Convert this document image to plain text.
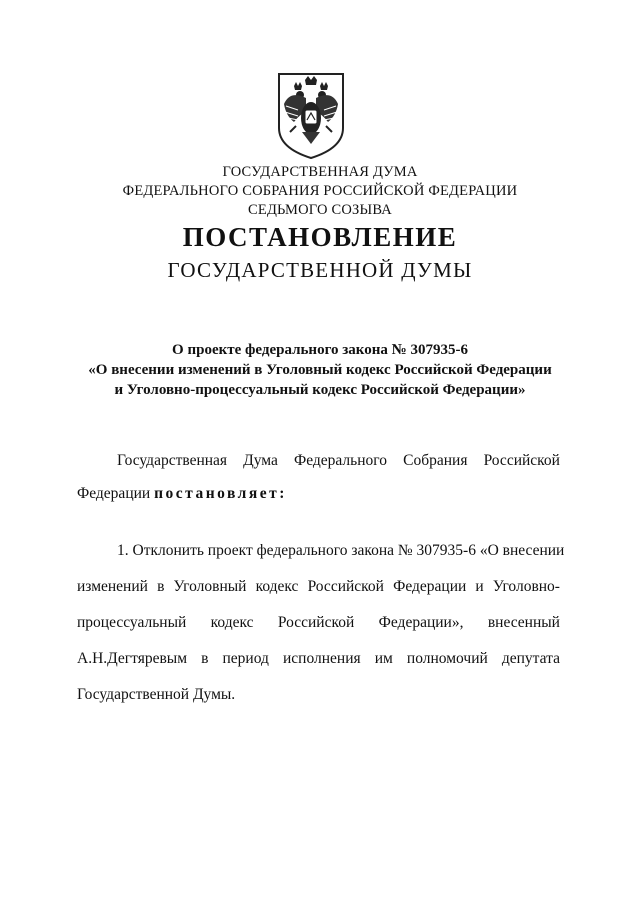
ГОСУДАРСТВЕННАЯ ДУМА
ФЕДЕРАЛЬНОГО СОБРАНИЯ РОССИЙСКОЙ ФЕДЕРАЦИИ
СЕДЬМОГО СОЗЫВА
ПОСТАНОВЛЕНИЕ
ГОСУДАРСТВЕННОЙ ДУМЫ
О проекте федерального закона № 307935-6
«О внесении изменений в Уголовный кодекс Российской Федерации
и Уголовно-процессуальный кодекс Российской Федерации»
Государственная Дума Федерального Собрания Российской
Федерации постановляет:
1. Отклонить проект федерального закона № 307935-6 «О внесении
изменений в Уголовный кодекс Российской Федерации и Уголовно-
процессуальный кодекс Российской Федерации», внесенный
А.Н.Дегтяревым в период исполнения им полномочий депутата
Государственной Думы.
